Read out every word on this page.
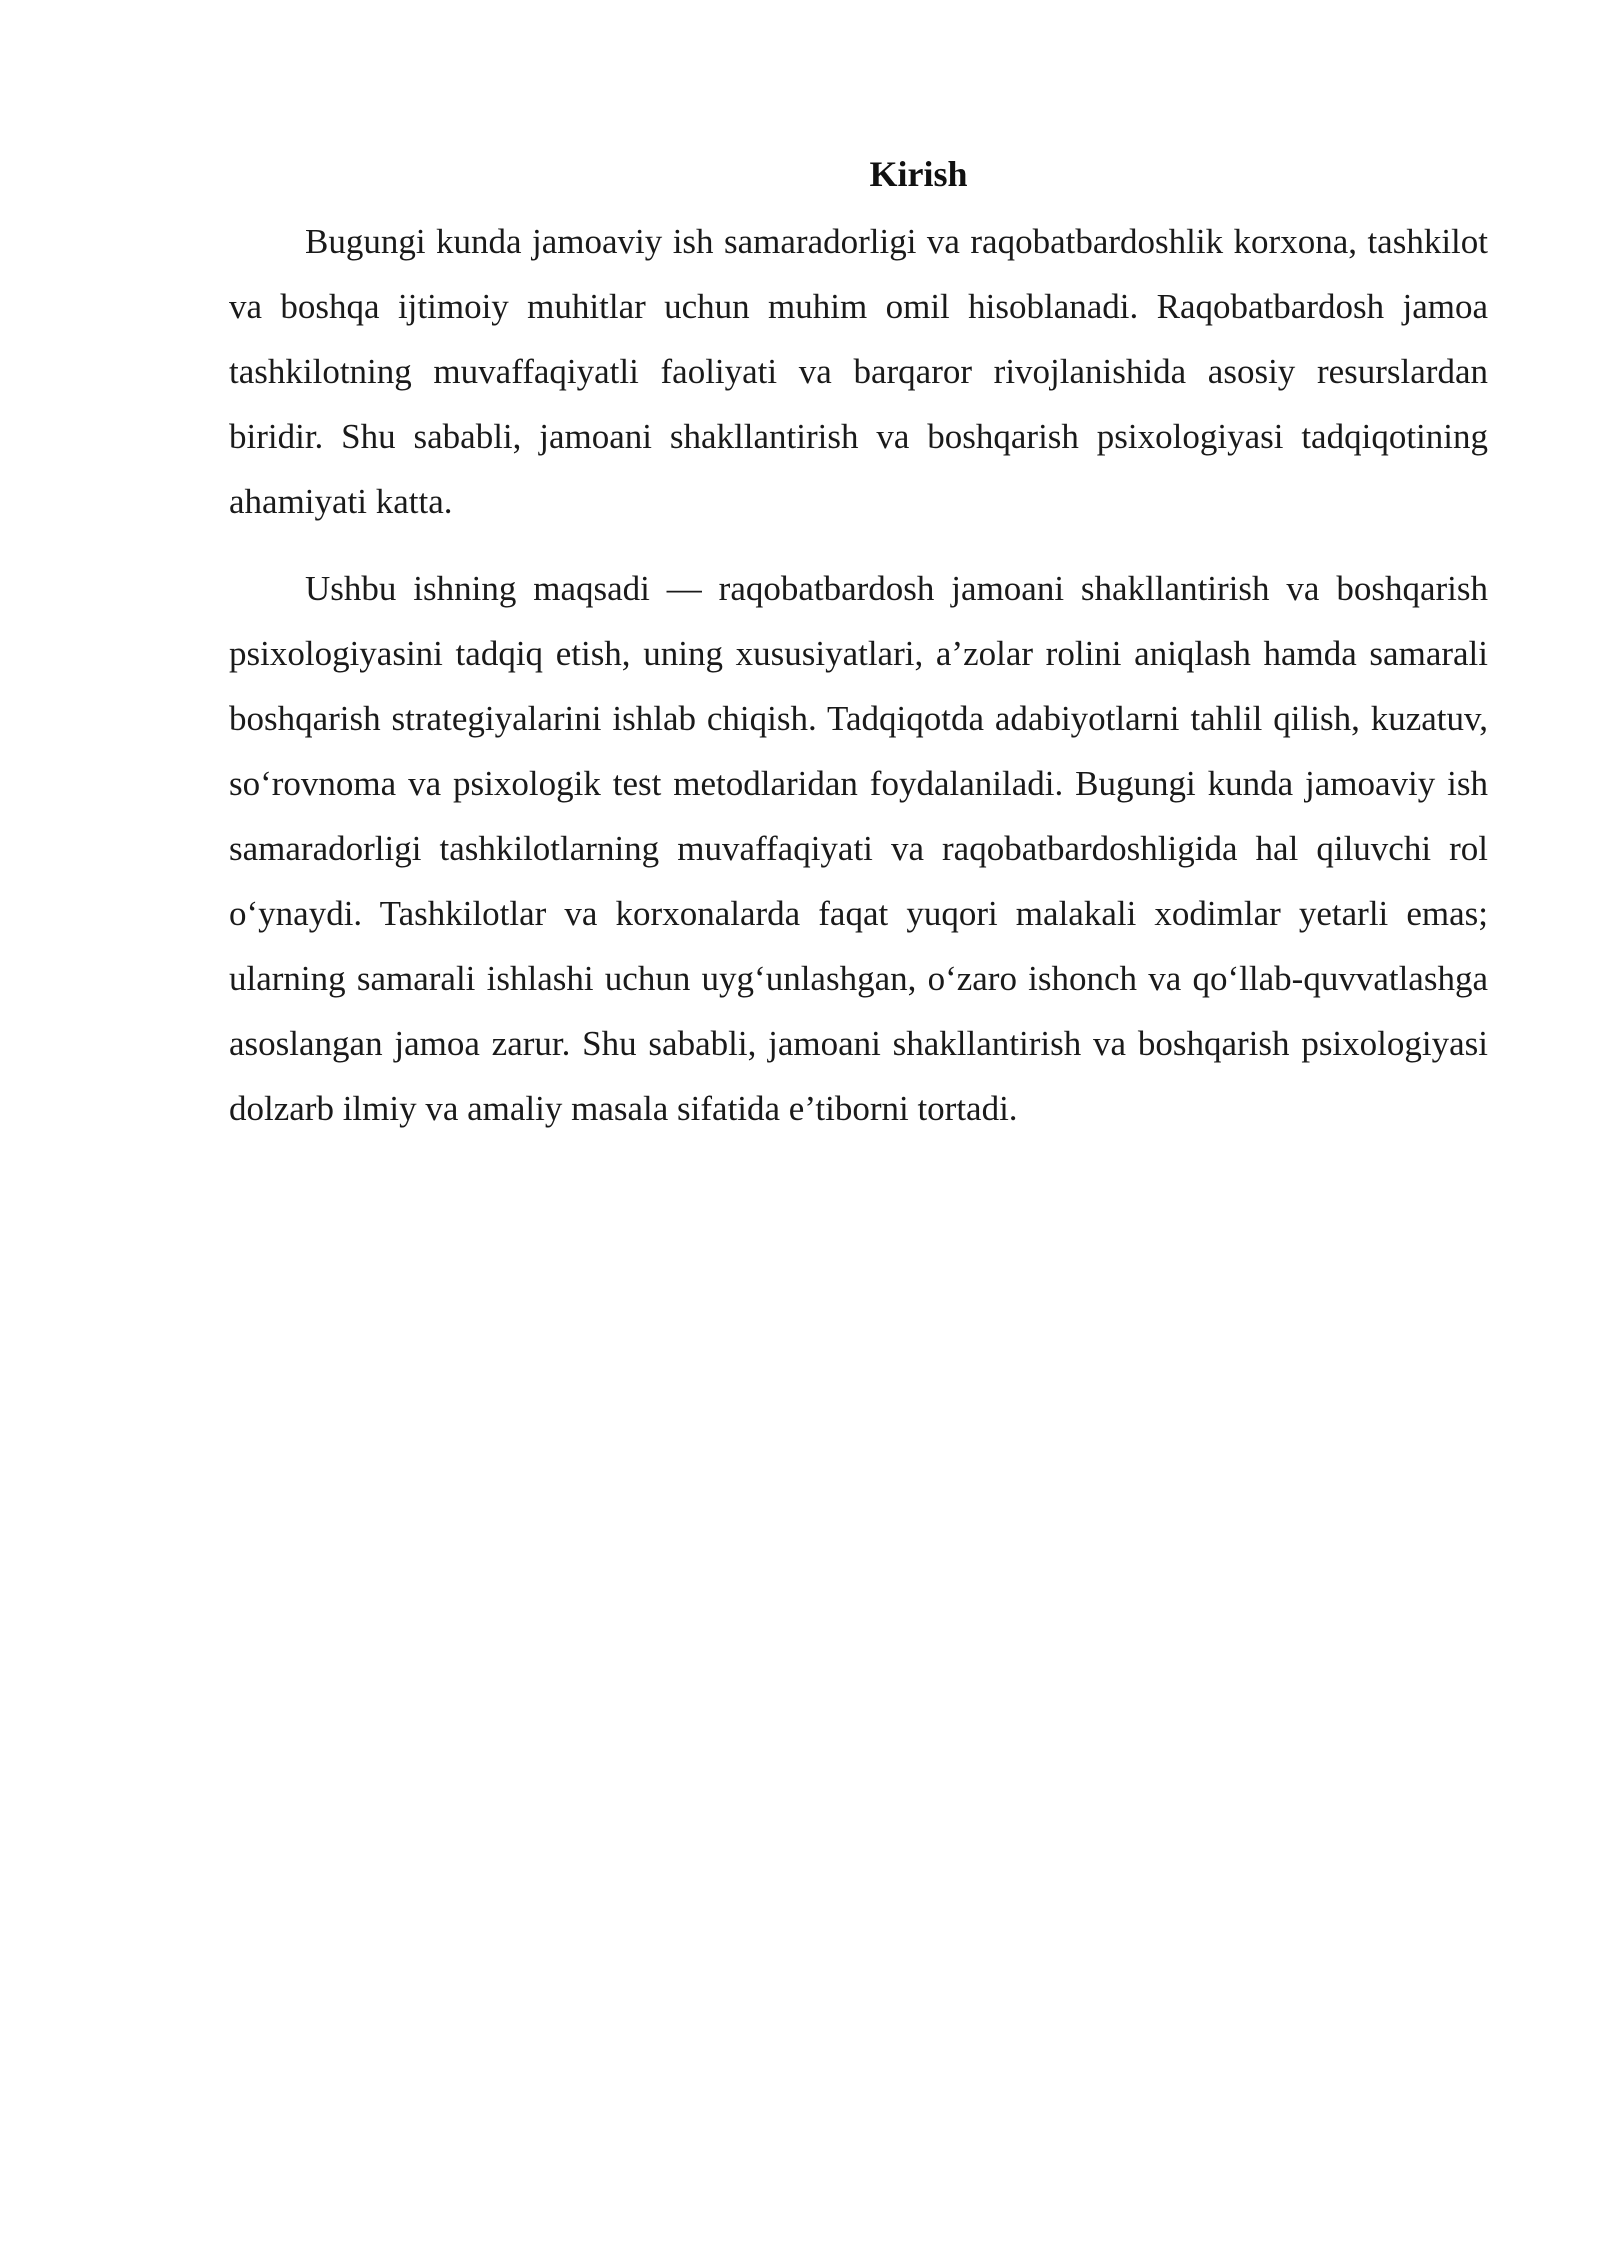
Kirish

Bugungi kunda jamoaviy ish samaradorligi va raqobatbardoshlik korxona, tashkilot va boshqa ijtimoiy muhitlar uchun muhim omil hisoblanadi. Raqobatbardosh jamoa tashkilotning muvaffaqiyatli faoliyati va barqaror rivojlanishida asosiy resurslardan biridir. Shu sababli, jamoani shakllantirish va boshqarish psixologiyasi tadqiqotining ahamiyati katta.

Ushbu ishning maqsadi — raqobatbardosh jamoani shakllantirish va boshqarish psixologiyasini tadqiq etish, uning xususiyatlari, a’zolar rolini aniqlash hamda samarali boshqarish strategiyalarini ishlab chiqish. Tadqiqotda adabiyotlarni tahlil qilish, kuzatuv, so‘rovnoma va psixologik test metodlaridan foydalaniladi. Bugungi kunda jamoaviy ish samaradorligi tashkilotlarning muvaffaqiyati va raqobatbardoshligida hal qiluvchi rol o‘ynaydi. Tashkilotlar va korxonalarda faqat yuqori malakali xodimlar yetarli emas; ularning samarali ishlashi uchun uyg‘unlashgan, o‘zaro ishonch va qo‘llab-quvvatlashga asoslangan jamoa zarur. Shu sababli, jamoani shakllantirish va boshqarish psixologiyasi dolzarb ilmiy va amaliy masala sifatida e’tiborni tortadi.
